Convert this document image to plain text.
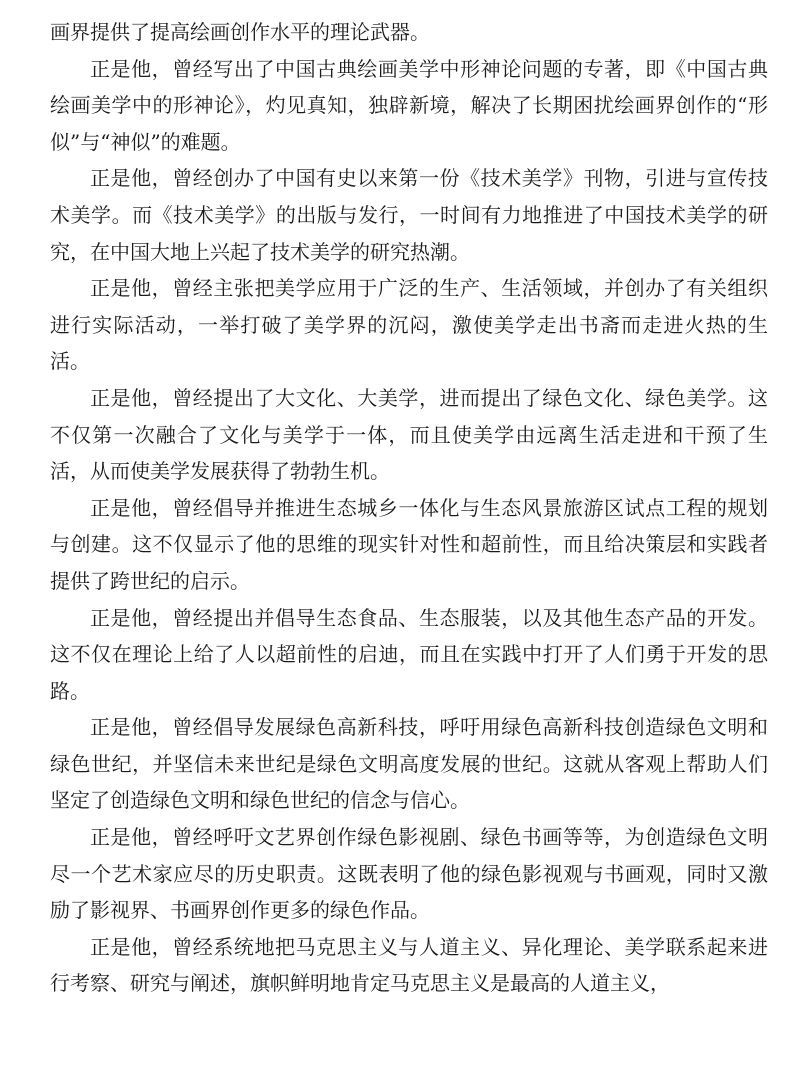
画界提供了提高绘画创作水平的理论武器。

正是他，曾经写出了中国古典绘画美学中形神论问题的专著，即《中国古典绘画美学中的形神论》，灼见真知，独辟新境，解决了长期困扰绘画界创作的“形似”与“神似”的难题。

正是他，曾经创办了中国有史以来第一份《技术美学》刊物，引进与宣传技术美学。而《技术美学》的出版与发行，一时间有力地推进了中国技术美学的研究，在中国大地上兴起了技术美学的研究热潮。

正是他，曾经主张把美学应用于广泛的生产、生活领域，并创办了有关组织进行实际活动，一举打破了美学界的沉闷，激使美学走出书斋而走进火热的生活。

正是他，曾经提出了大文化、大美学，进而提出了绿色文化、绿色美学。这不仅第一次融合了文化与美学于一体，而且使美学由远离生活走进和干预了生活，从而使美学发展获得了勃勃生机。

正是他，曾经倡导并推进生态城乡一体化与生态风景旅游区试点工程的规划与创建。这不仅显示了他的思维的现实针对性和超前性，而且给决策层和实践者提供了跨世纪的启示。

正是他，曾经提出并倡导生态食品、生态服装，以及其他生态产品的开发。这不仅在理论上给了人以超前性的启迪，而且在实践中打开了人们勇于开发的思路。

正是他，曾经倡导发展绿色高新科技，呼吁用绿色高新科技创造绿色文明和绿色世纪，并坚信未来世纪是绿色文明高度发展的世纪。这就从客观上帮助人们坚定了创造绿色文明和绿色世纪的信念与信心。

正是他，曾经呼吁文艺界创作绿色影视剧、绿色书画等等，为创造绿色文明尽一个艺术家应尽的历史职责。这既表明了他的绿色影视观与书画观，同时又激励了影视界、书画界创作更多的绿色作品。

正是他，曾经系统地把马克思主义与人道主义、异化理论、美学联系起来进行考察、研究与阐述，旗帜鲜明地肯定马克思主义是最高的人道主义，
